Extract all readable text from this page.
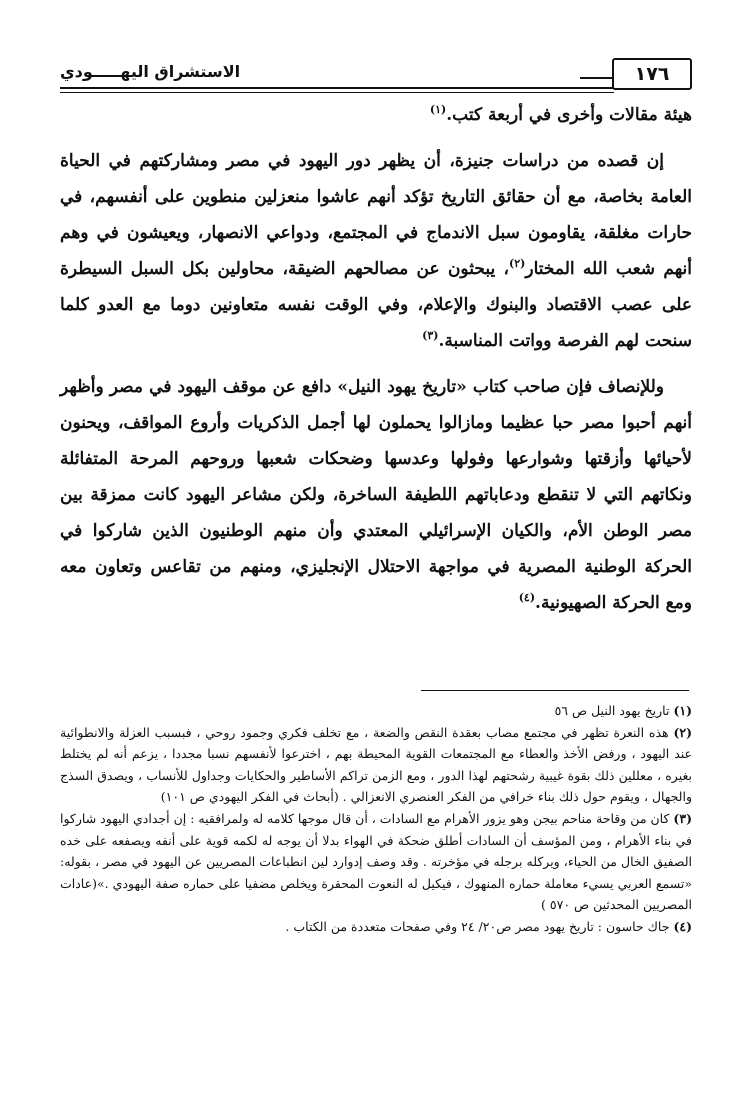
١٧٦
الاستشراق اليهـــــودي

هيئة مقالات وأخرى في أربعة كتب.$^{(١)}$

إن قصده من دراسات جنيزة، أن يظهر دور اليهود في مصر ومشاركتهم في الحياة العامة بخاصة، مع أن حقائق التاريخ تؤكد أنهم عاشوا منعزلين منطوين على أنفسهم، في حارات مغلقة، يقاومون سبل الاندماج في المجتمع، ودواعي الانصهار، ويعيشون في وهم أنهم شعب الله المختار$^{(٢)}$، يبحثون عن مصالحهم الضيقة، محاولين بكل السبل السيطرة على عصب الاقتصاد والبنوك والإعلام، وفي الوقت نفسه متعاونين دوما مع العدو كلما سنحت لهم الفرصة وواتت المناسبة.$^{(٣)}$

وللإنصاف فإن صاحب كتاب «تاريخ يهود النيل» دافع عن موقف اليهود في مصر وأظهر أنهم أحبوا مصر حبا عظيما ومازالوا يحملون لها أجمل الذكريات وأروع المواقف، ويحنون لأحيائها وأزقتها وشوارعها وفولها وعدسها وضحكات شعبها وروحهم المرحة المتفائلة ونكاتهم التي لا تنقطع ودعاباتهم اللطيفة الساخرة، ولكن مشاعر اليهود كانت ممزقة بين مصر الوطن الأم، والكيان الإسرائيلي المعتدي وأن منهم الوطنيون الذين شاركوا في الحركة الوطنية المصرية في مواجهة الاحتلال الإنجليزي، ومنهم من تقاعس وتعاون معه ومع الحركة الصهيونية.$^{(٤)}$

(١) تاريخ يهود النيل ص ٥٦

(٢) هذه النعرة تظهر في مجتمع مصاب بعقدة النقص والضعة ، مع تخلف فكري وجمود روحي ، فبسبب العزلة والانطوائية عند اليهود ، ورفض الأخذ والعطاء مع المجتمعات القوية المحيطة بهم ، اخترعوا لأنفسهم نسبا مجددا ، يزعم أنه لم يختلط بغيره ، معللين ذلك بقوة غيبية رشحتهم لهذا الدور ، ومع الزمن تراكم الأساطير والحكايات وجداول للأنساب ، ويصدق السذج والجهال ، ويقوم حول ذلك بناء خرافي من الفكر العنصري الانعزالي . (أبحاث في الفكر اليهودي ص ١٠١)

(٣) كان من وقاحة مناحم بيجن وهو يزور الأهرام مع السادات ، أن قال موجها كلامه له ولمرافقيه : إن أجدادي اليهود شاركوا في بناء الأهرام ، ومن المؤسف أن السادات أطلق ضحكة في الهواء بدلا أن يوجه له لكمه قوية على أنفه ويصفعه على خده الصفيق الخال من الحياء، ويركله برجله في مؤخرته . وقد وصف إدوارد لين انطباعات المصريين عن اليهود في مصر ، بقوله: «تسمع العربي يسيء معاملة حماره المنهوك ، فيكيل له النعوت المحقرة ويخلص مضفيا على حماره صفة اليهودي .»(عادات المصريين المحدثين ص ٥٧٠ )

(٤) جاك حاسون : تاريخ يهود مصر ص٢٠/ ٢٤ وفي صفحات متعددة من الكتاب .
